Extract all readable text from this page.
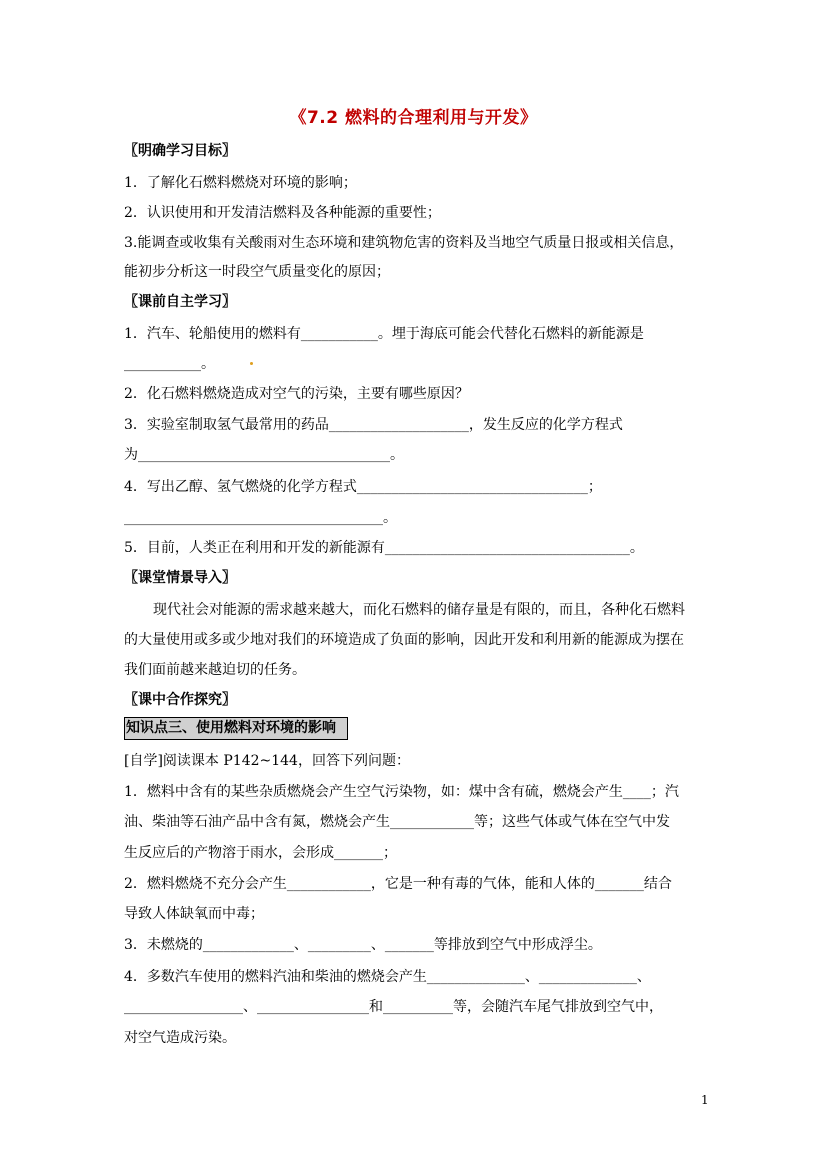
《7.2 燃料的合理利用与开发》
〖明确学习目标〗
1．了解化石燃料燃烧对环境的影响；
2．认识使用和开发清洁燃料及各种能源的重要性；
3.能调查或收集有关酸雨对生态环境和建筑物危害的资料及当地空气质量日报或相关信息，
能初步分析这一时段空气质量变化的原因；
〖课前自主学习〗
1．汽车、轮船使用的燃料有___________。埋于海底可能会代替化石燃料的新能源是
___________。
2．化石燃料燃烧造成对空气的污染，主要有哪些原因？
3．实验室制取氢气最常用的药品____________________，发生反应的化学方程式
为____________________________________。
4．写出乙醇、氢气燃烧的化学方程式_________________________________；
_____________________________________。
5．目前，人类正在利用和开发的新能源有___________________________________。
〖课堂情景导入〗
现代社会对能源的需求越来越大，而化石燃料的储存量是有限的，而且，各种化石燃料
的大量使用或多或少地对我们的环境造成了负面的影响，因此开发和利用新的能源成为摆在
我们面前越来越迫切的任务。
〖课中合作探究〗
知识点三、使用燃料对环境的影响
[自学]阅读课本 P142~144，回答下列问题：
1．燃料中含有的某些杂质燃烧会产生空气污染物，如：煤中含有硫，燃烧会产生____；汽
油、柴油等石油产品中含有氮，燃烧会产生____________等；这些气体或气体在空气中发
生反应后的产物溶于雨水，会形成_______；
2．燃料燃烧不充分会产生____________，它是一种有毒的气体，能和人体的_______结合
导致人体缺氧而中毒；
3．未燃烧的_____________、_________、_______等排放到空气中形成浮尘。
4．多数汽车使用的燃料汽油和柴油的燃烧会产生______________、______________、
_________________、________________和__________等，会随汽车尾气排放到空气中，
对空气造成污染。
1
